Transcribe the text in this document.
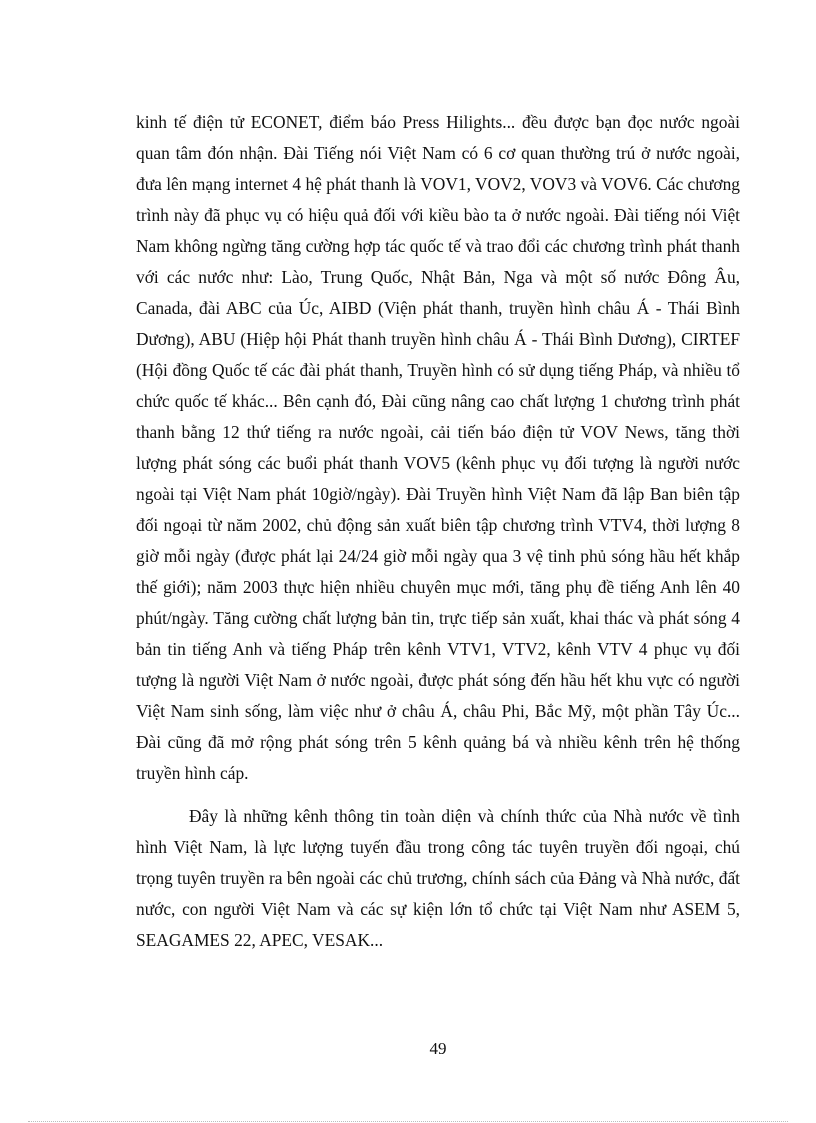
kinh tế điện tử ECONET, điểm báo Press Hilights... đều được bạn đọc nước ngoài quan tâm đón nhận. Đài Tiếng nói Việt Nam có 6 cơ quan thường trú ở nước ngoài, đưa lên mạng internet 4 hệ phát thanh là VOV1, VOV2, VOV3 và VOV6. Các chương trình này đã phục vụ có hiệu quả đối với kiều bào ta ở nước ngoài. Đài tiếng nói Việt Nam không ngừng tăng cường hợp tác quốc tế và trao đổi các chương trình phát thanh với các nước như: Lào, Trung Quốc, Nhật Bản, Nga và một số nước Đông Âu, Canada, đài ABC của Úc, AIBD (Viện phát thanh, truyền hình châu Á - Thái Bình Dương), ABU (Hiệp hội Phát thanh truyền hình châu Á - Thái Bình Dương), CIRTEF (Hội đồng Quốc tế các đài phát thanh, Truyền hình có sử dụng tiếng Pháp, và nhiều tổ chức quốc tế khác... Bên cạnh đó, Đài cũng nâng cao chất lượng 1 chương trình phát thanh bằng 12 thứ tiếng ra nước ngoài, cải tiến báo điện tử VOV News, tăng thời lượng phát sóng các buổi phát thanh VOV5 (kênh phục vụ đối tượng là người nước ngoài tại Việt Nam phát 10giờ/ngày). Đài Truyền hình Việt Nam đã lập Ban biên tập đối ngoại từ năm 2002, chủ động sản xuất biên tập chương trình VTV4, thời lượng 8 giờ mỗi ngày (được phát lại 24/24 giờ mỗi ngày qua 3 vệ tinh phủ sóng hầu hết khắp thế giới); năm 2003 thực hiện nhiều chuyên mục mới, tăng phụ đề tiếng Anh lên 40 phút/ngày. Tăng cường chất lượng bản tin, trực tiếp sản xuất, khai thác và phát sóng 4 bản tin tiếng Anh và tiếng Pháp trên kênh VTV1, VTV2, kênh VTV 4 phục vụ đối tượng là người Việt Nam ở nước ngoài, được phát sóng đến hầu hết khu vực có người Việt Nam sinh sống, làm việc như ở châu Á, châu Phi, Bắc Mỹ, một phần Tây Úc... Đài cũng đã mở rộng phát sóng trên 5 kênh quảng bá và nhiều kênh trên hệ thống truyền hình cáp.

Đây là những kênh thông tin toàn diện và chính thức của Nhà nước về tình hình Việt Nam, là lực lượng tuyến đầu trong công tác tuyên truyền đối ngoại, chú trọng tuyên truyền ra bên ngoài các chủ trương, chính sách của Đảng và Nhà nước, đất nước, con người Việt Nam và các sự kiện lớn tổ chức tại Việt Nam như ASEM 5, SEAGAMES 22, APEC, VESAK...

49
